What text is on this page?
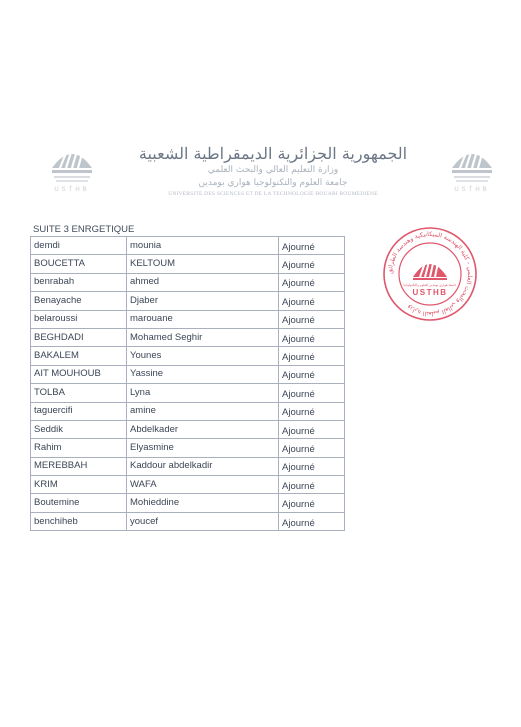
USTHB
الجمهورية الجزائرية الديمقراطية الشعبية
وزارة التعليم العالي والبحث العلمي
جامعة العلوم والتكنولوجيا هواري بومدين
UNIVERSITE DES SCIENCES ET DE LA TECHNOLOGIE HOUARI BOUMEDIENE
USTHB
SUITE 3 ENRGETIQUE
demdi	mounia	Ajourné
BOUCETTA	KELTOUM	Ajourné
benrabah	ahmed	Ajourné
Benayache	Djaber	Ajourné
belaroussi	marouane	Ajourné
BEGHDADI	Mohamed Seghir	Ajourné
BAKALEM	Younes	Ajourné
AIT MOUHOUB	Yassine	Ajourné
TOLBA	Lyna	Ajourné
taguercifi	amine	Ajourné
Seddik	Abdelkader	Ajourné
Rahim	Elyasmine	Ajourné
MEREBBAH	Kaddour abdelkadir	Ajourné
KRIM	WAFA	Ajourné
Boutemine	Mohieddine	Ajourné
benchiheb	youcef	Ajourné
وزارة التعليم العالي والبحث العلمي - كلية الهندسة الميكانيكية وهندسة الطرائق
جامعة هواري بومدين للعلوم والتكنولوجيا
USTHB
